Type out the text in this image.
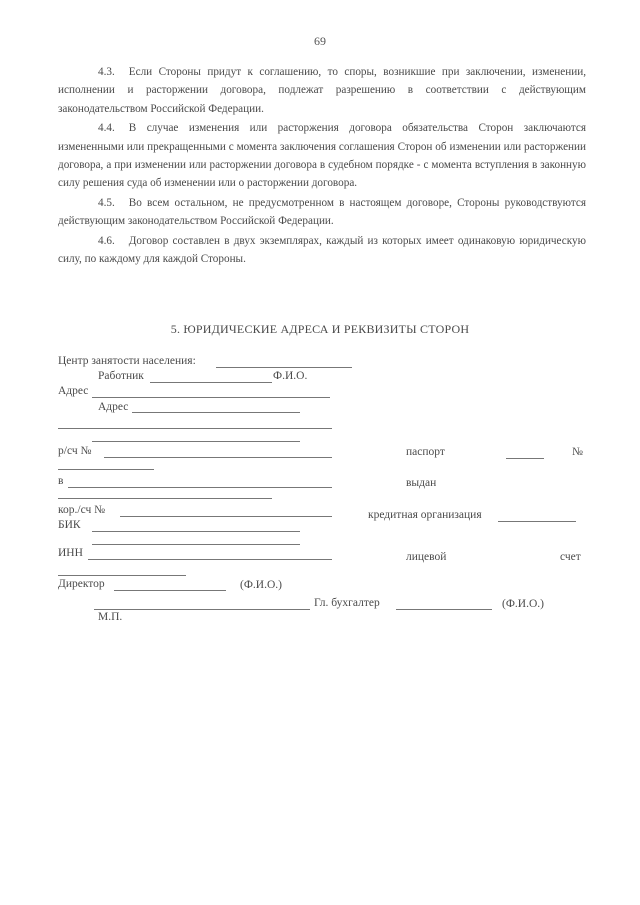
69

4.3. Если Стороны придут к соглашению, то споры, возникшие при заключении, изменении, исполнении и расторжении договора, подлежат разрешению в соответствии с действующим законодательством Российской Федерации.

4.4. В случае изменения или расторжения договора обязательства Сторон заключаются измененными или прекращенными с момента заключения соглашения Сторон об изменении или расторжении договора, а при изменении или расторжении договора в судебном порядке - с момента вступления в законную силу решения суда об изменении или о расторжении договора.

4.5. Во всем остальном, не предусмотренном в настоящем договоре, Стороны руководствуются действующим законодательством Российской Федерации.

4.6. Договор составлен в двух экземплярах, каждый из которых имеет одинаковую юридическую силу, по каждому для каждой Стороны.

5. ЮРИДИЧЕСКИЕ АДРЕСА И РЕКВИЗИТЫ СТОРОН
Центр занятости населения:
Работник	Ф.И.О.
Адрес
Адрес
р/сч №	паспорт	№
в	выдан
кор./сч №	кредитная организация
БИК
ИНН	лицевой	счет
Директор	(Ф.И.О.)
Гл. бухгалтер	(Ф.И.О.)
М.П.
